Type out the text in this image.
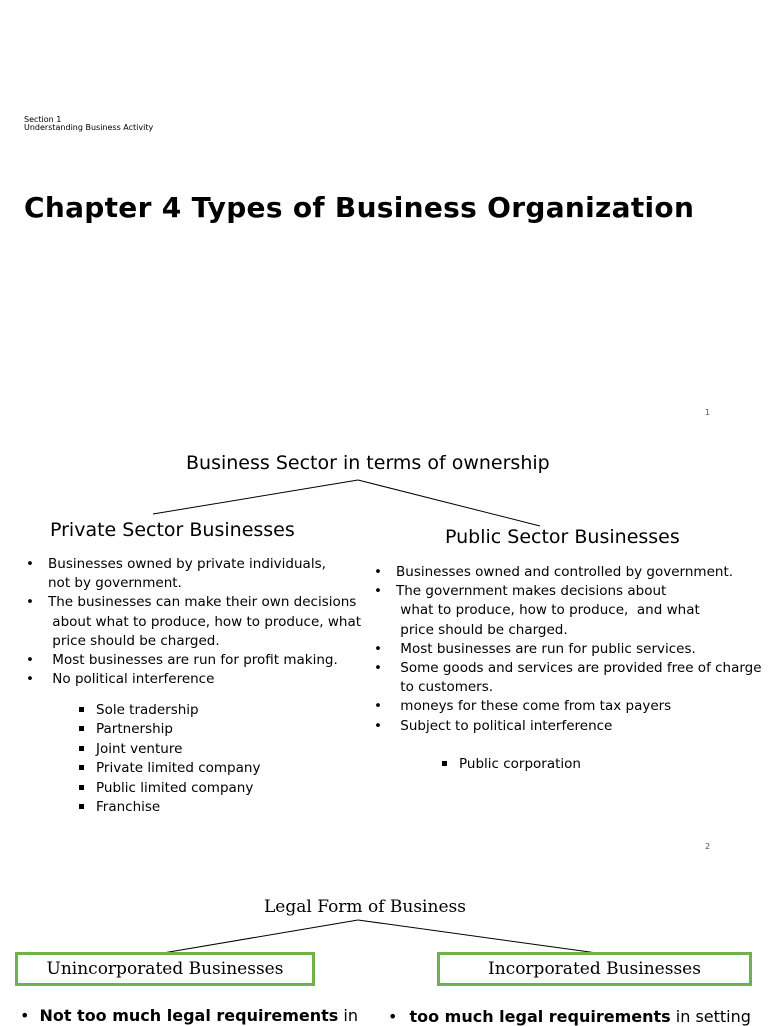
Section 1
Understanding Business Activity
Chapter 4 Types of Business Organization
1
Business Sector in terms of ownership
Private Sector Businesses
• Businesses owned by private individuals,
not by government.
• The businesses can make their own decisions
about what to produce, how to produce, what
price should be charged.
• Most businesses are run for profit making.
• No political interference
Sole tradership
Partnership
Joint venture
Private limited company
Public limited company
Franchise
Public Sector Businesses
• Businesses owned and controlled by government.
• The government makes decisions about
what to produce, how to produce,  and what
price should be charged.
• Most businesses are run for public services.
• Some goods and services are provided free of charge
to customers.
• moneys for these come from tax payers
• Subject to political interference
Public corporation
2
Legal Form of Business
Unincorporated Businesses	Incorporated Businesses
• Not too much legal requirements in • too much legal requirements in setting
